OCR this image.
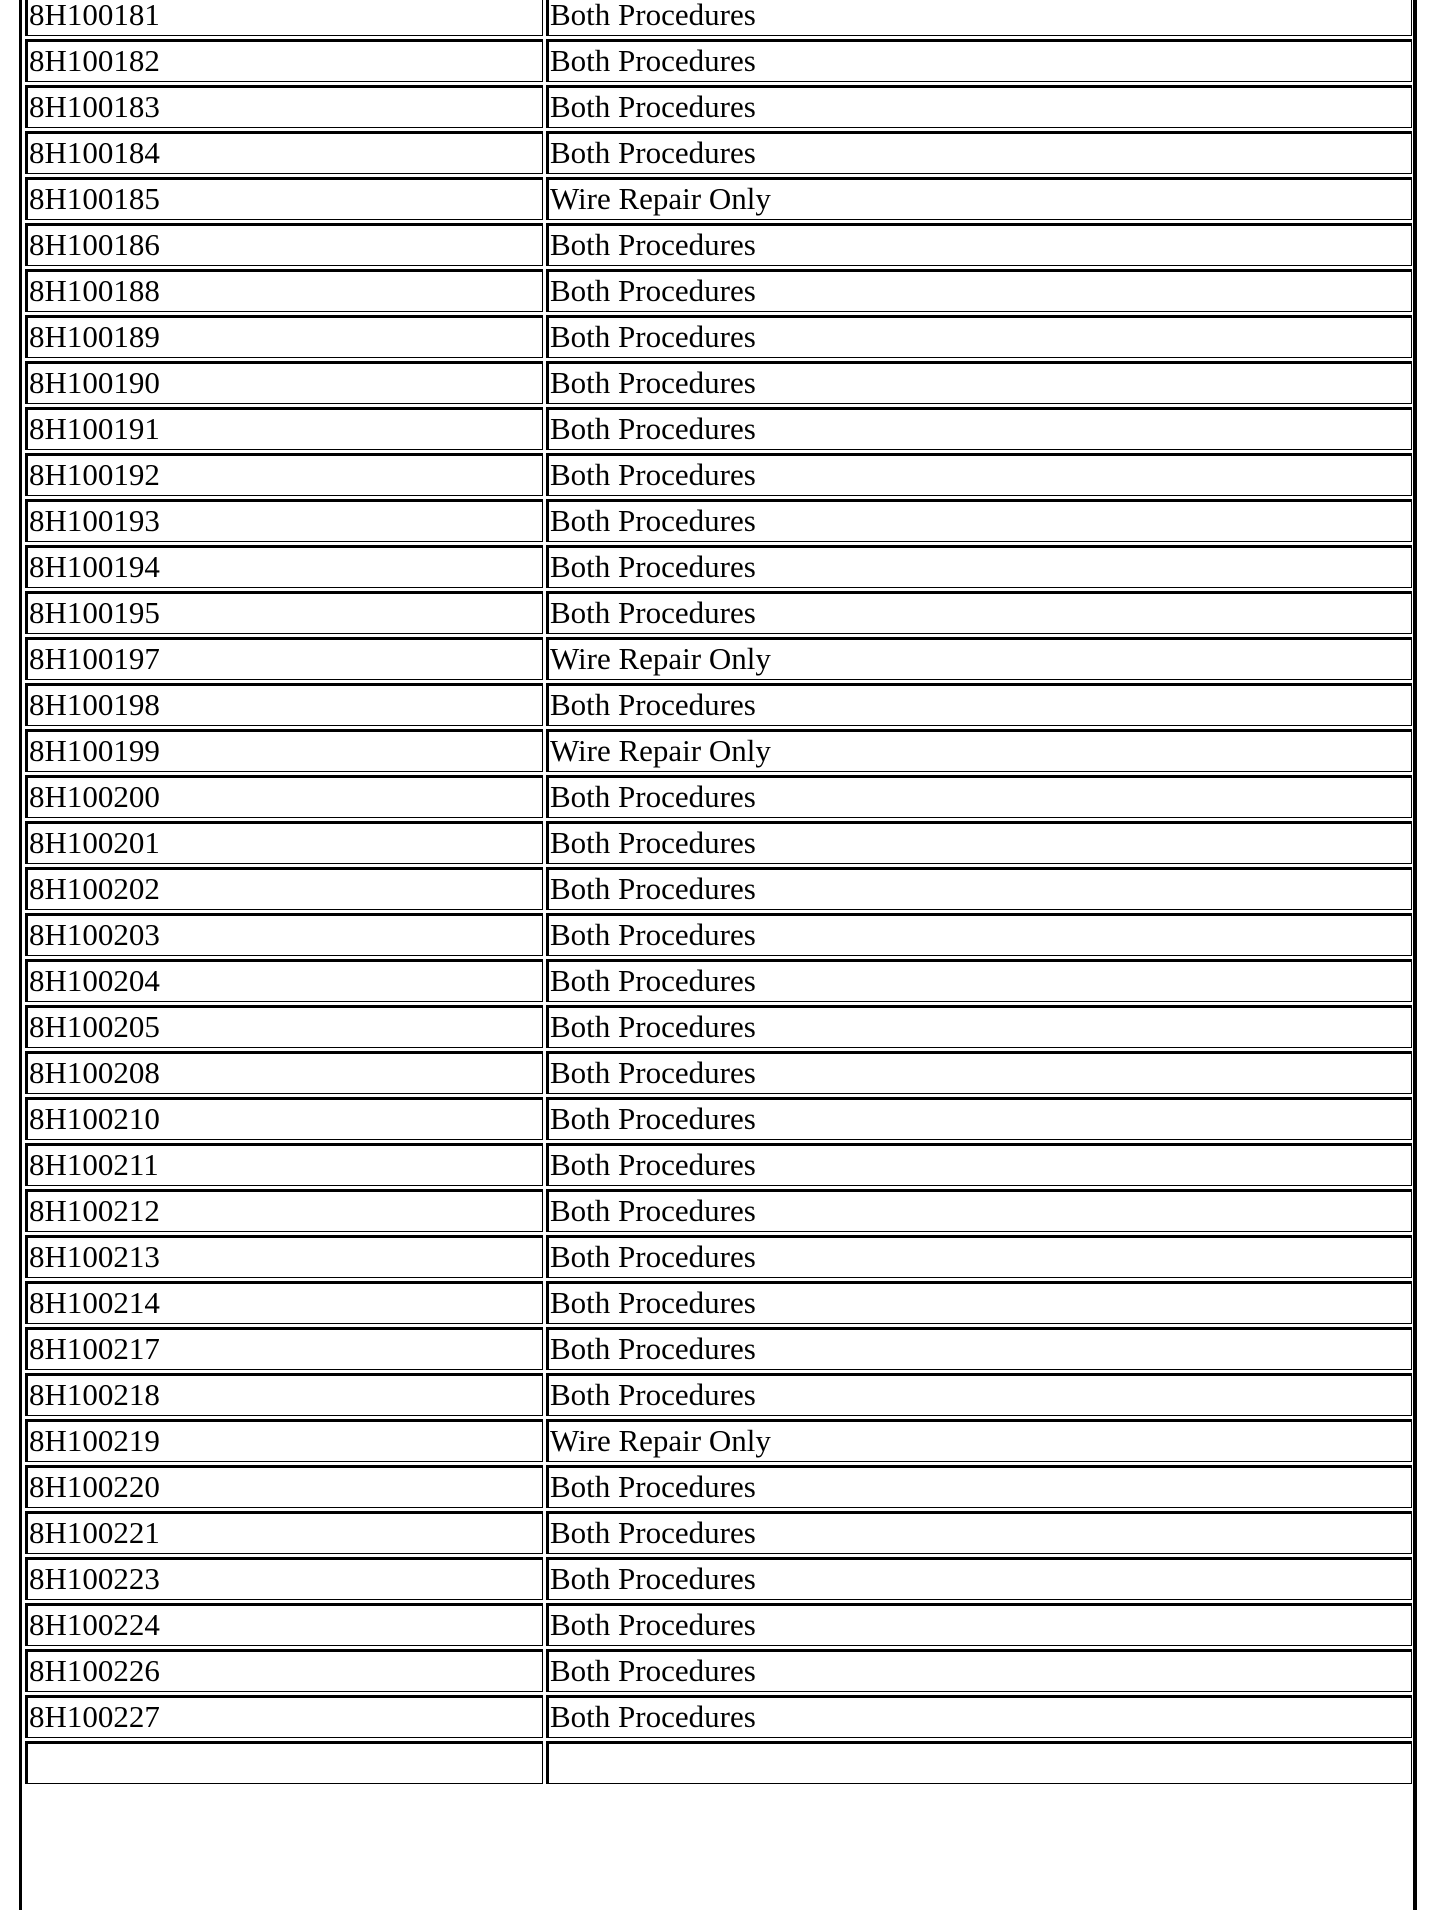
8H100181	Both Procedures
8H100182	Both Procedures
8H100183	Both Procedures
8H100184	Both Procedures
8H100185	Wire Repair Only
8H100186	Both Procedures
8H100188	Both Procedures
8H100189	Both Procedures
8H100190	Both Procedures
8H100191	Both Procedures
8H100192	Both Procedures
8H100193	Both Procedures
8H100194	Both Procedures
8H100195	Both Procedures
8H100197	Wire Repair Only
8H100198	Both Procedures
8H100199	Wire Repair Only
8H100200	Both Procedures
8H100201	Both Procedures
8H100202	Both Procedures
8H100203	Both Procedures
8H100204	Both Procedures
8H100205	Both Procedures
8H100208	Both Procedures
8H100210	Both Procedures
8H100211	Both Procedures
8H100212	Both Procedures
8H100213	Both Procedures
8H100214	Both Procedures
8H100217	Both Procedures
8H100218	Both Procedures
8H100219	Wire Repair Only
8H100220	Both Procedures
8H100221	Both Procedures
8H100223	Both Procedures
8H100224	Both Procedures
8H100226	Both Procedures
8H100227	Both Procedures
